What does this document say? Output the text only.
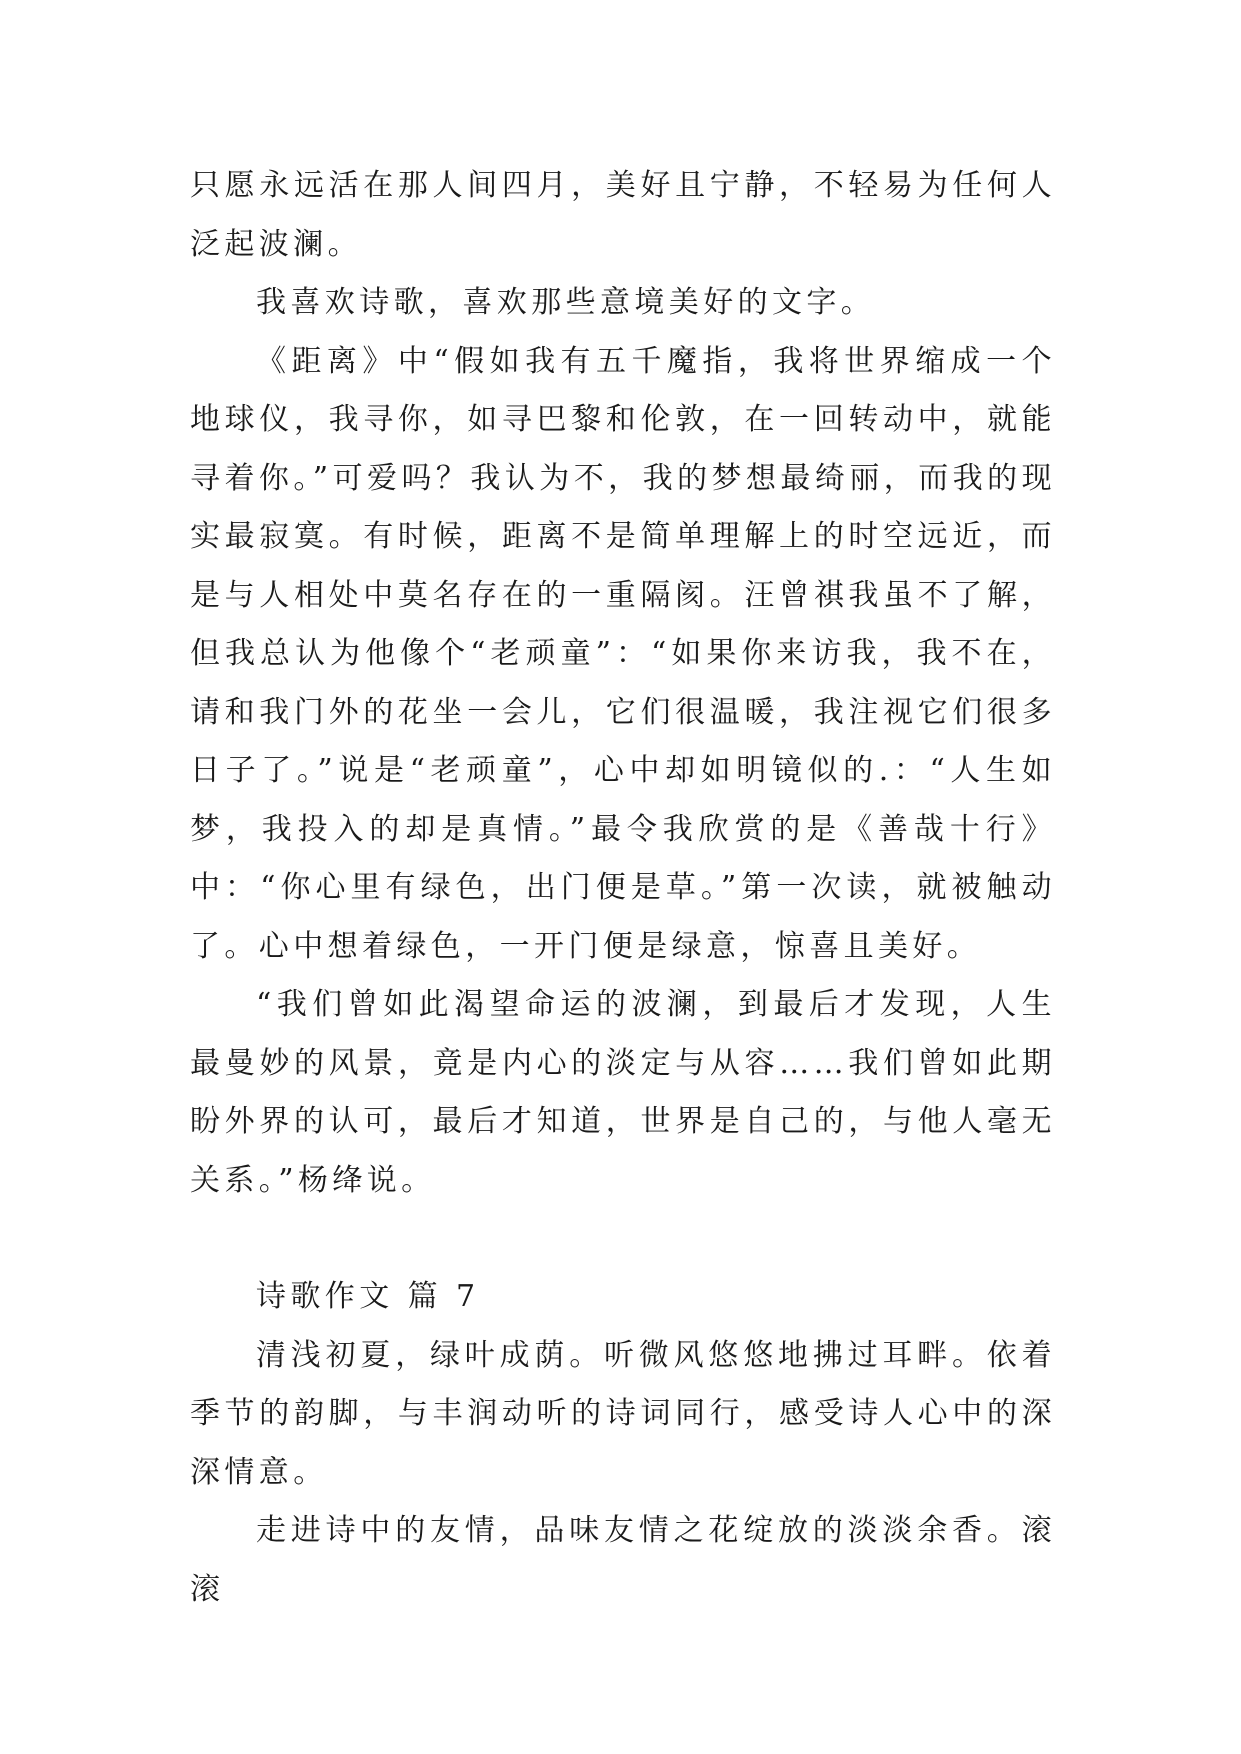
只愿永远活在那人间四月，美好且宁静，不轻易为任何人泛起波澜。

我喜欢诗歌，喜欢那些意境美好的文字。

《距离》中“假如我有五千魔指，我将世界缩成一个地球仪，我寻你，如寻巴黎和伦敦，在一回转动中，就能寻着你。”可爱吗？我认为不，我的梦想最绮丽，而我的现实最寂寞。有时候，距离不是简单理解上的时空远近，而是与人相处中莫名存在的一重隔阂。汪曾祺我虽不了解，但我总认为他像个“老顽童”：“如果你来访我，我不在，请和我门外的花坐一会儿，它们很温暖，我注视它们很多日子了。”说是“老顽童”，心中却如明镜似的.：“人生如梦，我投入的却是真情。”最令我欣赏的是《善哉十行》中：“你心里有绿色，出门便是草。”第一次读，就被触动了。心中想着绿色，一开门便是绿意，惊喜且美好。

“我们曾如此渴望命运的波澜，到最后才发现，人生最曼妙的风景，竟是内心的淡定与从容……我们曾如此期盼外界的认可，最后才知道，世界是自己的，与他人毫无关系。”杨绛说。

诗歌作文 篇 7

清浅初夏，绿叶成荫。听微风悠悠地拂过耳畔。依着季节的韵脚，与丰润动听的诗词同行，感受诗人心中的深深情意。

走进诗中的友情，品味友情之花绽放的淡淡余香。滚滚
